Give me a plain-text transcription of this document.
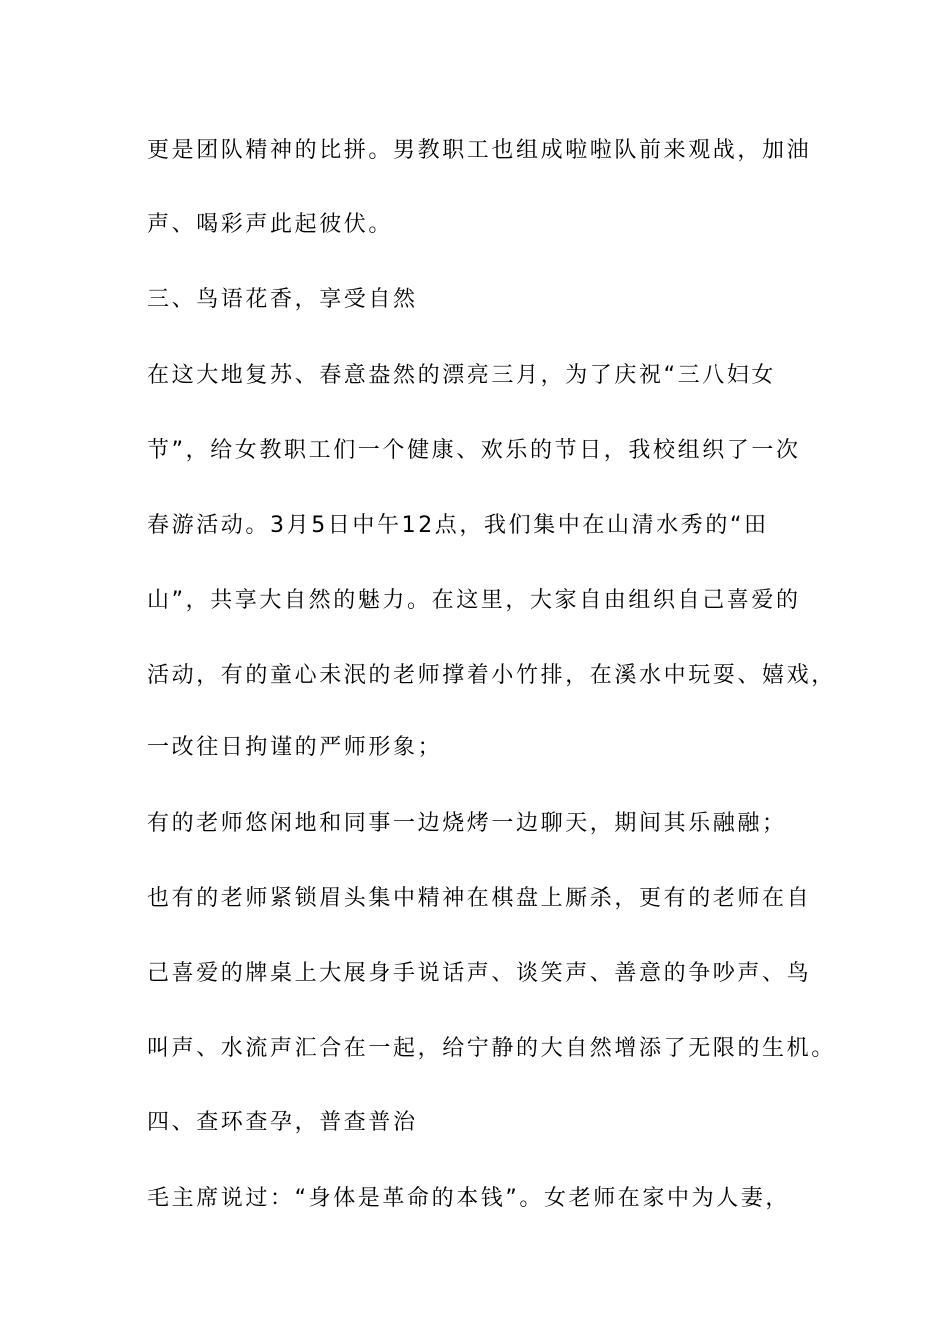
更是团队精神的比拼。男教职工也组成啦啦队前来观战，加油
声、喝彩声此起彼伏。
三、鸟语花香，享受自然
在这大地复苏、春意盎然的漂亮三月，为了庆祝“三八妇女
节”，给女教职工们一个健康、欢乐的节日，我校组织了一次
春游活动。3月5日中午12点，我们集中在山清水秀的“田
山”，共享大自然的魅力。在这里，大家自由组织自己喜爱的
活动，有的童心未泯的老师撑着小竹排，在溪水中玩耍、嬉戏，
一改往日拘谨的严师形象；
有的老师悠闲地和同事一边烧烤一边聊天，期间其乐融融；
也有的老师紧锁眉头集中精神在棋盘上厮杀，更有的老师在自
己喜爱的牌桌上大展身手说话声、谈笑声、善意的争吵声、鸟
叫声、水流声汇合在一起，给宁静的大自然增添了无限的生机。
四、查环查孕，普查普治
毛主席说过：“身体是革命的本钱”。女老师在家中为人妻，
